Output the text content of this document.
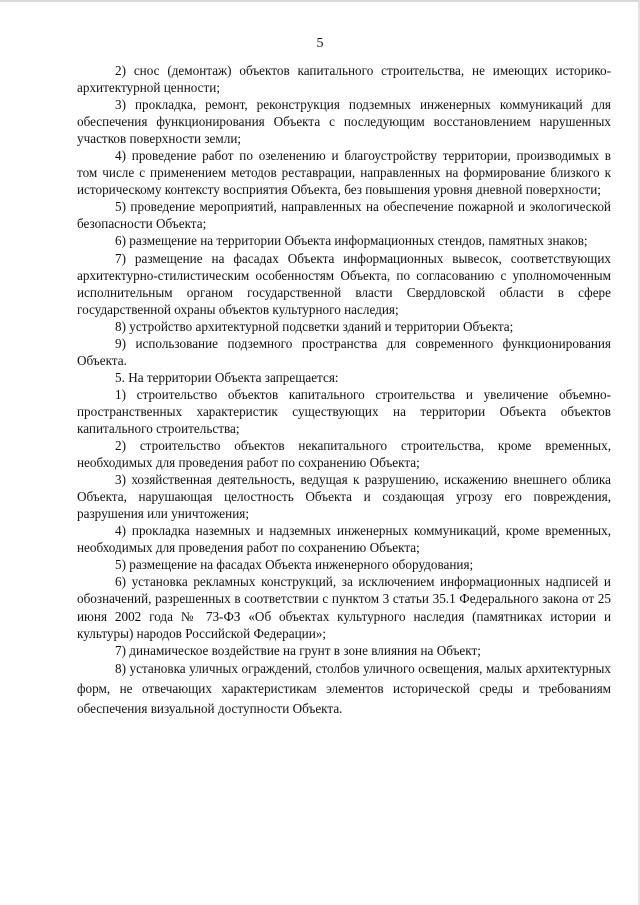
5

2) снос (демонтаж) объектов капитального строительства, не имеющих историко-архитектурной ценности;

3) прокладка, ремонт, реконструкция подземных инженерных коммуникаций для обеспечения функционирования Объекта с последующим восстановлением нарушенных участков поверхности земли;

4) проведение работ по озеленению и благоустройству территории, производимых в том числе с применением методов реставрации, направленных на формирование близкого к историческому контексту восприятия Объекта, без повышения уровня дневной поверхности;

5) проведение мероприятий, направленных на обеспечение пожарной и экологической безопасности Объекта;

6) размещение на территории Объекта информационных стендов, памятных знаков;

7) размещение на фасадах Объекта информационных вывесок, соответствующих архитектурно-стилистическим особенностям Объекта, по согласованию с уполномоченным исполнительным органом государственной власти Свердловской области в сфере государственной охраны объектов культурного наследия;

8) устройство архитектурной подсветки зданий и территории Объекта;

9) использование подземного пространства для современного функционирования Объекта.

5. На территории Объекта запрещается:

1) строительство объектов капитального строительства и увеличение объемно-пространственных характеристик существующих на территории Объекта объектов капитального строительства;

2) строительство объектов некапитального строительства, кроме временных, необходимых для проведения работ по сохранению Объекта;

3) хозяйственная деятельность, ведущая к разрушению, искажению внешнего облика Объекта, нарушающая целостность Объекта и создающая угрозу его повреждения, разрушения или уничтожения;

4) прокладка наземных и надземных инженерных коммуникаций, кроме временных, необходимых для проведения работ по сохранению Объекта;

5) размещение на фасадах Объекта инженерного оборудования;

6) установка рекламных конструкций, за исключением информационных надписей и обозначений, разрешенных в соответствии с пунктом 3 статьи 35.1 Федерального закона от 25 июня 2002 года № 73-ФЗ «Об объектах культурного наследия (памятниках истории и культуры) народов Российской Федерации»;

7) динамическое воздействие на грунт в зоне влияния на Объект;

8) установка уличных ограждений, столбов уличного освещения, малых архитектурных форм, не отвечающих характеристикам элементов исторической среды и требованиям обеспечения визуальной доступности Объекта.
